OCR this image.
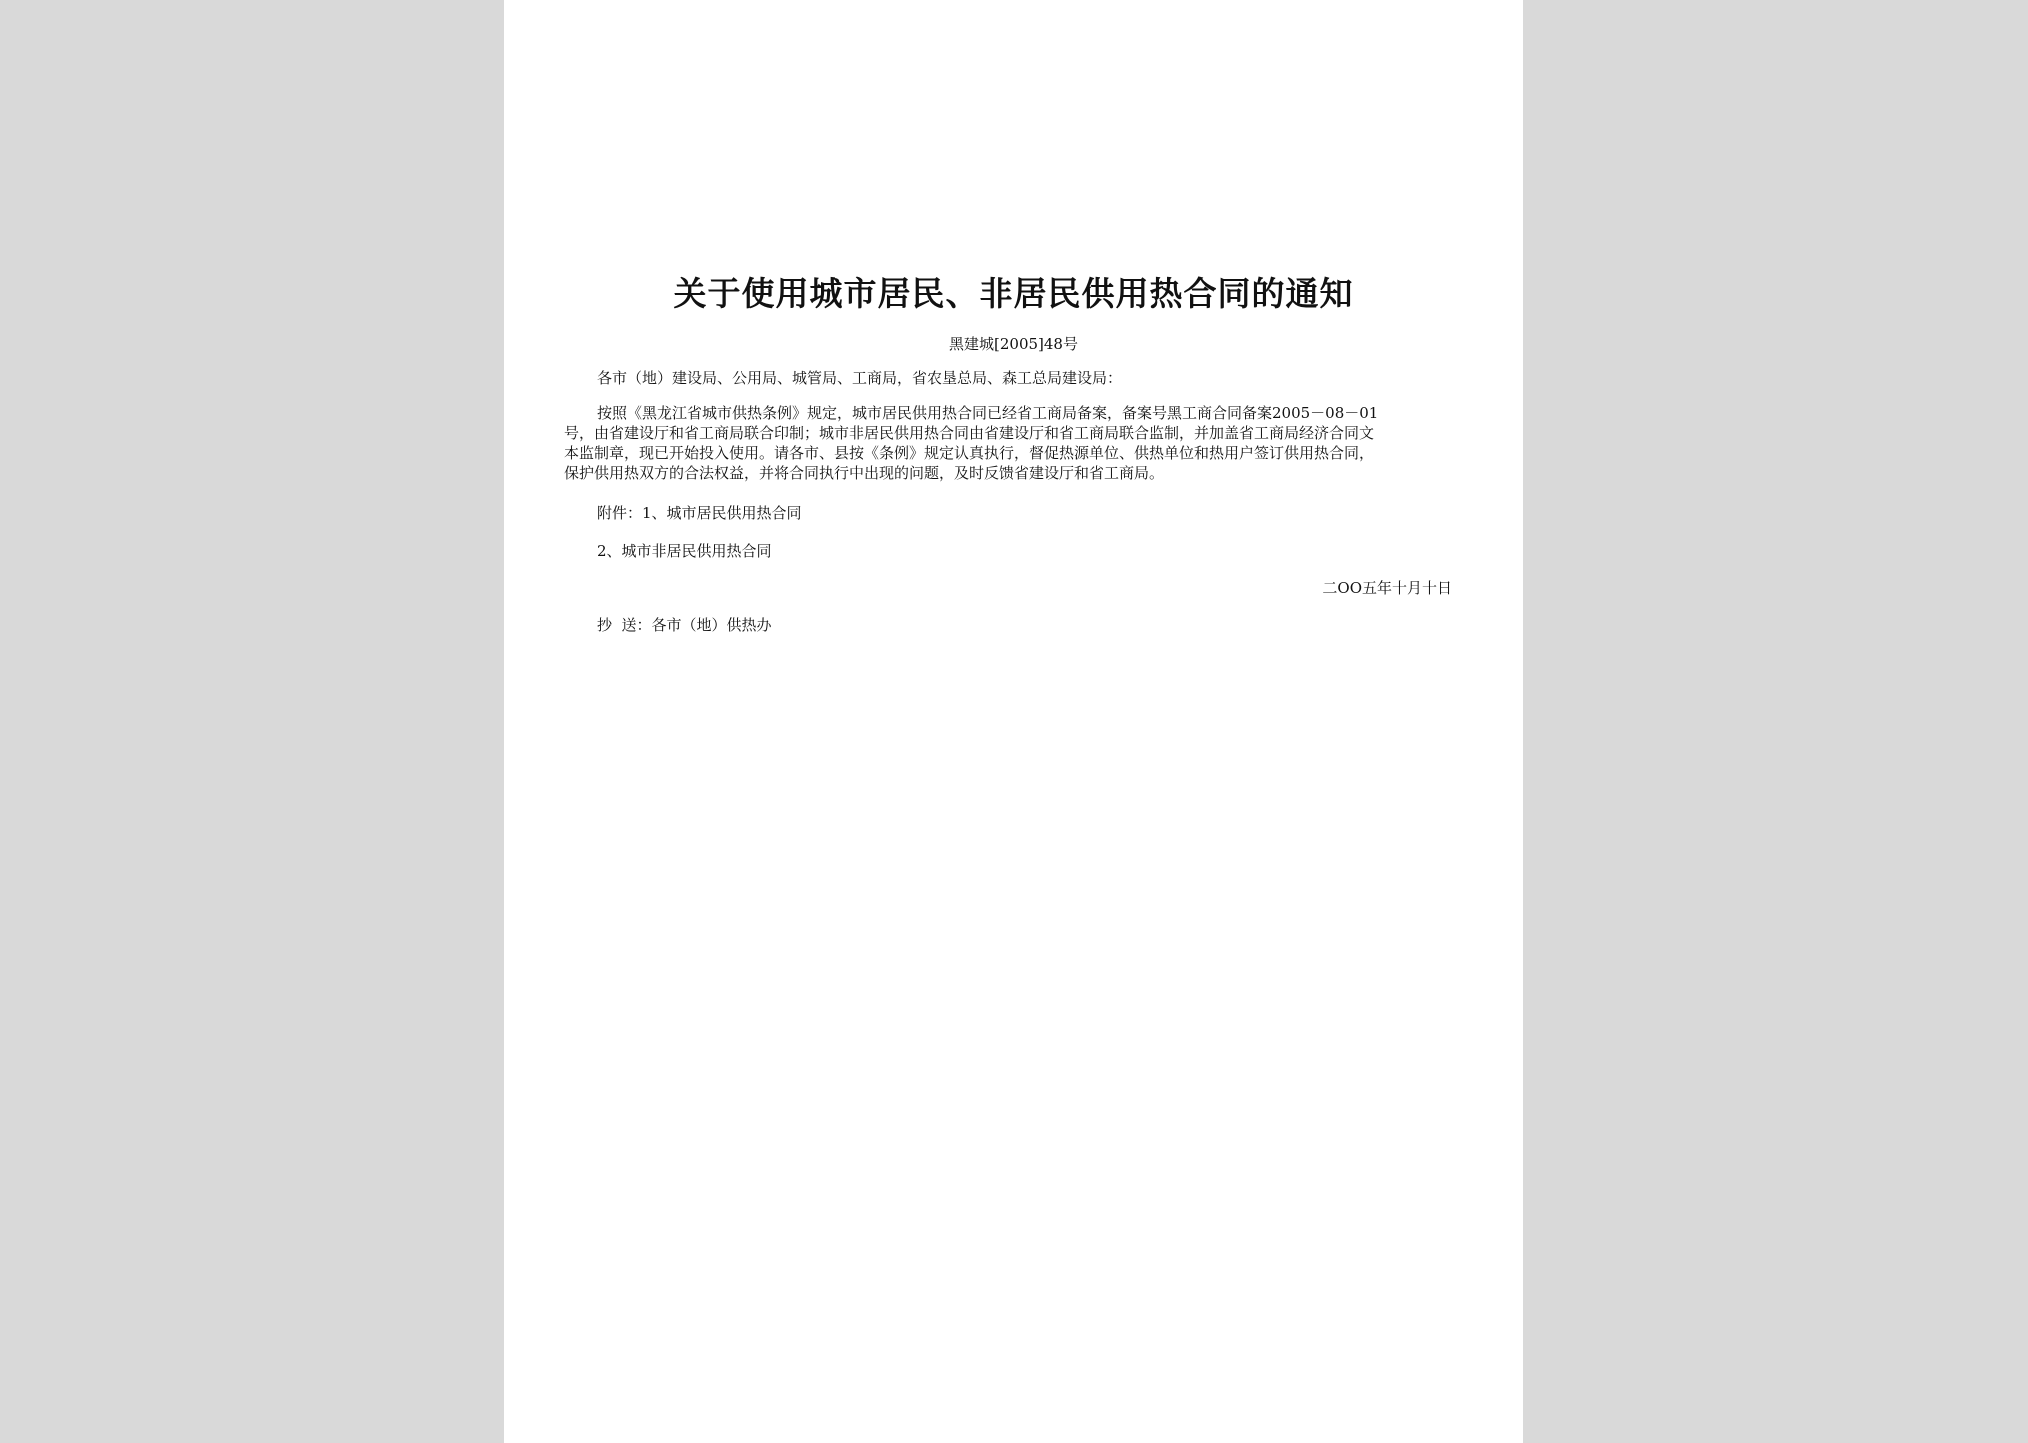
关于使用城市居民、非居民供用热合同的通知
黑建城[2005]48号
各市（地）建设局、公用局、城管局、工商局，省农垦总局、森工总局建设局：
按照《黑龙江省城市供热条例》规定，城市居民供用热合同已经省工商局备案，备案号黑工商合同备案2005－08－01
号，由省建设厅和省工商局联合印制；城市非居民供用热合同由省建设厅和省工商局联合监制，并加盖省工商局经济合同文
本监制章，现已开始投入使用。请各市、县按《条例》规定认真执行，督促热源单位、供热单位和热用户签订供用热合同，
保护供用热双方的合法权益，并将合同执行中出现的问题，及时反馈省建设厅和省工商局。
附件：1、城市居民供用热合同
2、城市非居民供用热合同
二OO五年十月十日
抄  送：各市（地）供热办
